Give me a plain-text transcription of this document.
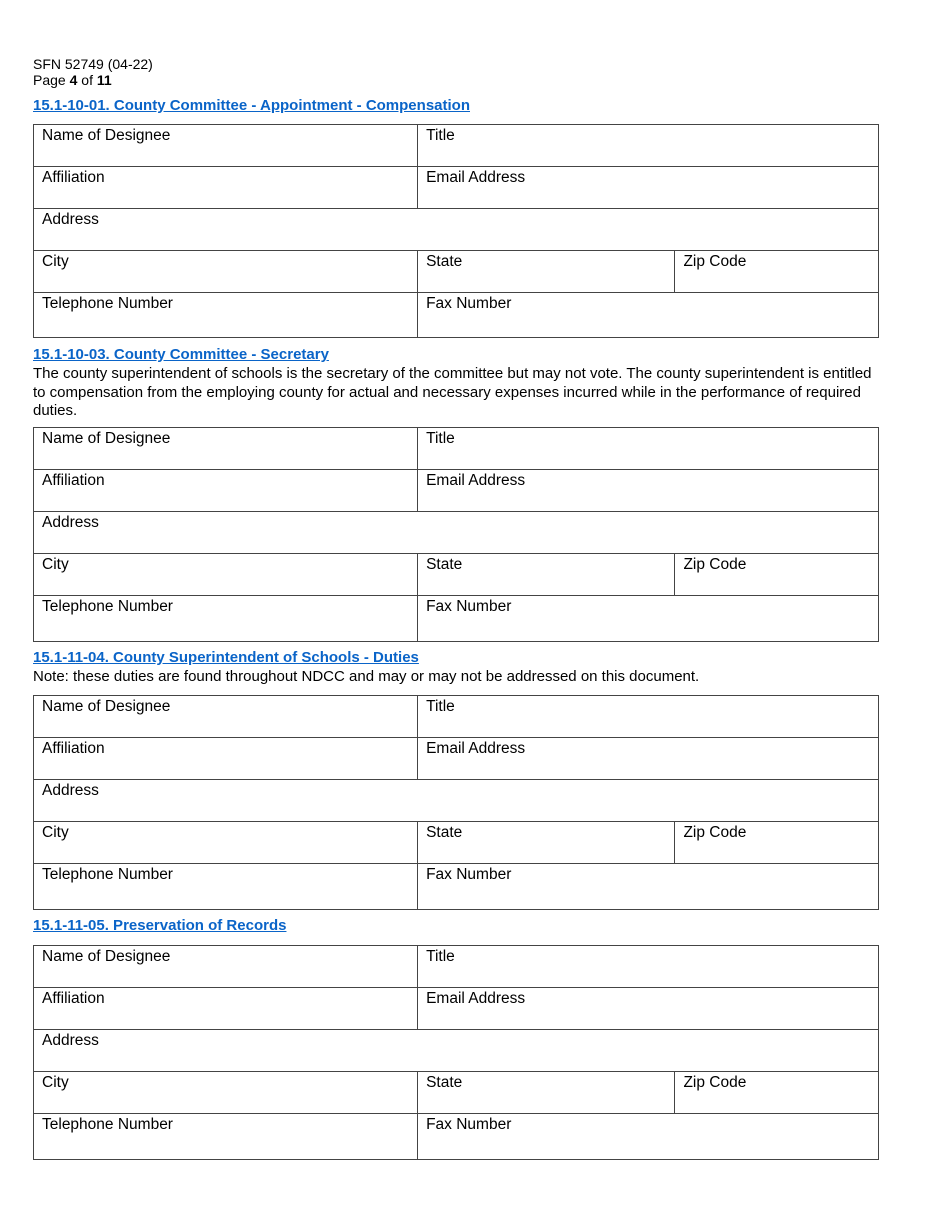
SFN 52749 (04-22)
Page 4 of 11
15.1-10-01. County Committee - Appointment - Compensation
Name of Designee	Title
Affiliation	Email Address
Address
City	State	Zip Code
Telephone Number	Fax Number
15.1-10-03. County Committee - Secretary
The county superintendent of schools is the secretary of the committee but may not vote. The county superintendent is entitled to compensation from the employing county for actual and necessary expenses incurred while in the performance of required duties.
Name of Designee	Title
Affiliation	Email Address
Address
City	State	Zip Code
Telephone Number	Fax Number
15.1-11-04. County Superintendent of Schools - Duties
Note: these duties are found throughout NDCC and may or may not be addressed on this document.
Name of Designee	Title
Affiliation	Email Address
Address
City	State	Zip Code
Telephone Number	Fax Number
15.1-11-05. Preservation of Records
Name of Designee	Title
Affiliation	Email Address
Address
City	State	Zip Code
Telephone Number	Fax Number
